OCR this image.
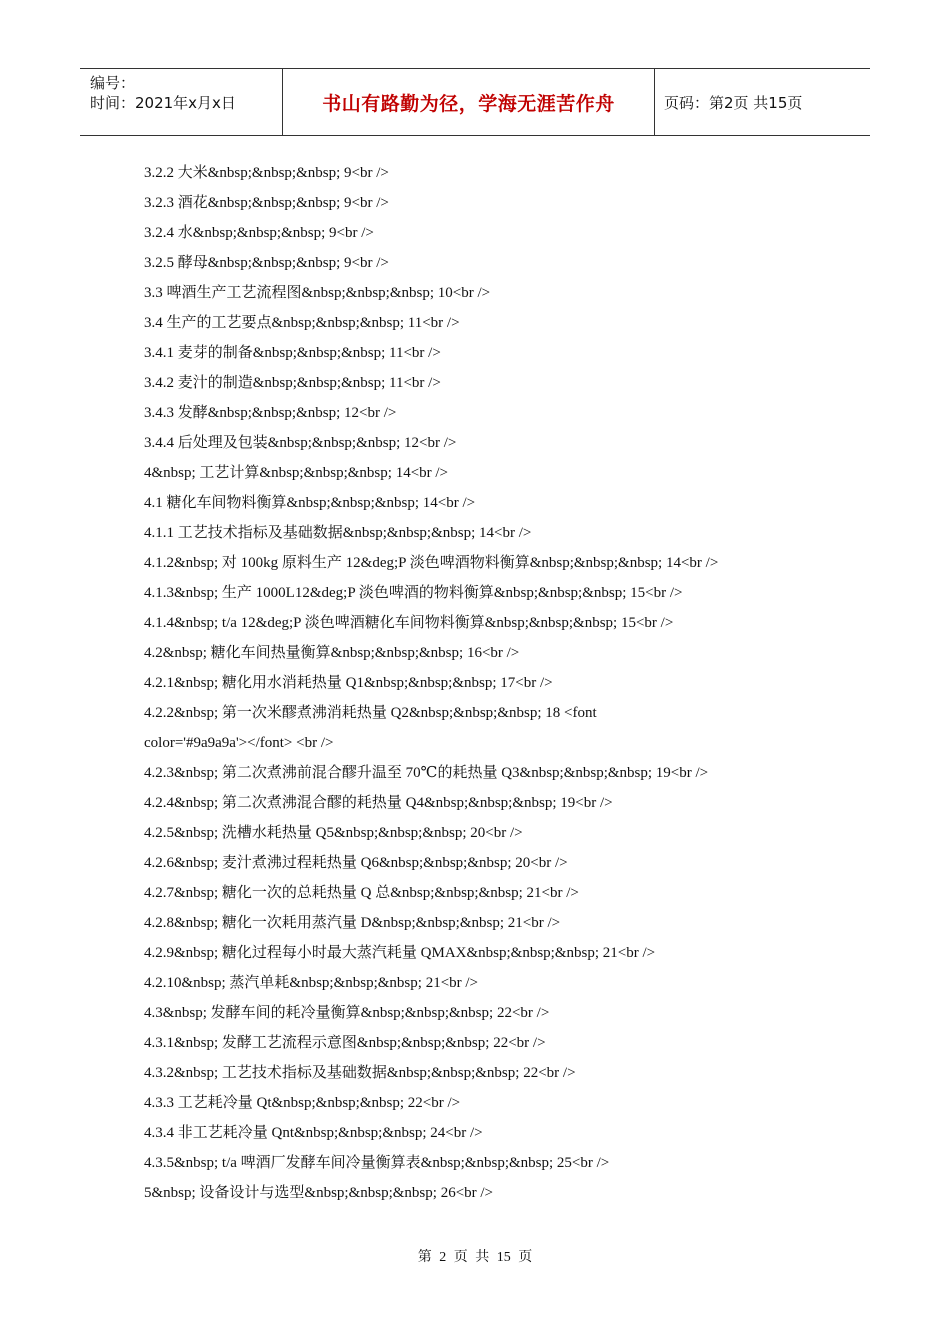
编号：
时间：2021年x月x日	书山有路勤为径，学海无涯苦作舟	页码：第2页 共15页
3.2.2 大米&nbsp;&nbsp;&nbsp; 9<br />
3.2.3 酒花&nbsp;&nbsp;&nbsp; 9<br />
3.2.4 水&nbsp;&nbsp;&nbsp; 9<br />
3.2.5 酵母&nbsp;&nbsp;&nbsp; 9<br />
3.3 啤酒生产工艺流程图&nbsp;&nbsp;&nbsp; 10<br />
3.4 生产的工艺要点&nbsp;&nbsp;&nbsp; 11<br />
3.4.1 麦芽的制备&nbsp;&nbsp;&nbsp; 11<br />
3.4.2 麦汁的制造&nbsp;&nbsp;&nbsp; 11<br />
3.4.3 发酵&nbsp;&nbsp;&nbsp; 12<br />
3.4.4 后处理及包装&nbsp;&nbsp;&nbsp; 12<br />
4&nbsp; 工艺计算&nbsp;&nbsp;&nbsp; 14<br />
4.1 糖化车间物料衡算&nbsp;&nbsp;&nbsp; 14<br />
4.1.1 工艺技术指标及基础数据&nbsp;&nbsp;&nbsp; 14<br />
4.1.2&nbsp; 对 100kg 原料生产 12&deg;P 淡色啤酒物料衡算&nbsp;&nbsp;&nbsp; 14<br />
4.1.3&nbsp; 生产 1000L12&deg;P 淡色啤酒的物料衡算&nbsp;&nbsp;&nbsp; 15<br />
4.1.4&nbsp; t/a 12&deg;P 淡色啤酒糖化车间物料衡算&nbsp;&nbsp;&nbsp; 15<br />
4.2&nbsp; 糖化车间热量衡算&nbsp;&nbsp;&nbsp; 16<br />
4.2.1&nbsp; 糖化用水消耗热量 Q1&nbsp;&nbsp;&nbsp; 17<br />
4.2.2&nbsp; 第一次米醪煮沸消耗热量 Q2&nbsp;&nbsp;&nbsp; 18 <font
color='#9a9a9a'></font> <br />
4.2.3&nbsp; 第二次煮沸前混合醪升温至 70℃的耗热量 Q3&nbsp;&nbsp;&nbsp; 19<br />
4.2.4&nbsp; 第二次煮沸混合醪的耗热量 Q4&nbsp;&nbsp;&nbsp; 19<br />
4.2.5&nbsp; 洗槽水耗热量 Q5&nbsp;&nbsp;&nbsp; 20<br />
4.2.6&nbsp; 麦汁煮沸过程耗热量 Q6&nbsp;&nbsp;&nbsp; 20<br />
4.2.7&nbsp; 糖化一次的总耗热量 Q 总&nbsp;&nbsp;&nbsp; 21<br />
4.2.8&nbsp; 糖化一次耗用蒸汽量 D&nbsp;&nbsp;&nbsp; 21<br />
4.2.9&nbsp; 糖化过程每小时最大蒸汽耗量 QMAX&nbsp;&nbsp;&nbsp; 21<br />
4.2.10&nbsp; 蒸汽单耗&nbsp;&nbsp;&nbsp; 21<br />
4.3&nbsp; 发酵车间的耗冷量衡算&nbsp;&nbsp;&nbsp; 22<br />
4.3.1&nbsp; 发酵工艺流程示意图&nbsp;&nbsp;&nbsp; 22<br />
4.3.2&nbsp; 工艺技术指标及基础数据&nbsp;&nbsp;&nbsp; 22<br />
4.3.3 工艺耗冷量 Qt&nbsp;&nbsp;&nbsp; 22<br />
4.3.4 非工艺耗冷量 Qnt&nbsp;&nbsp;&nbsp; 24<br />
4.3.5&nbsp; t/a 啤酒厂发酵车间冷量衡算表&nbsp;&nbsp;&nbsp; 25<br />
5&nbsp; 设备设计与选型&nbsp;&nbsp;&nbsp; 26<br />
第 2 页 共 15 页
